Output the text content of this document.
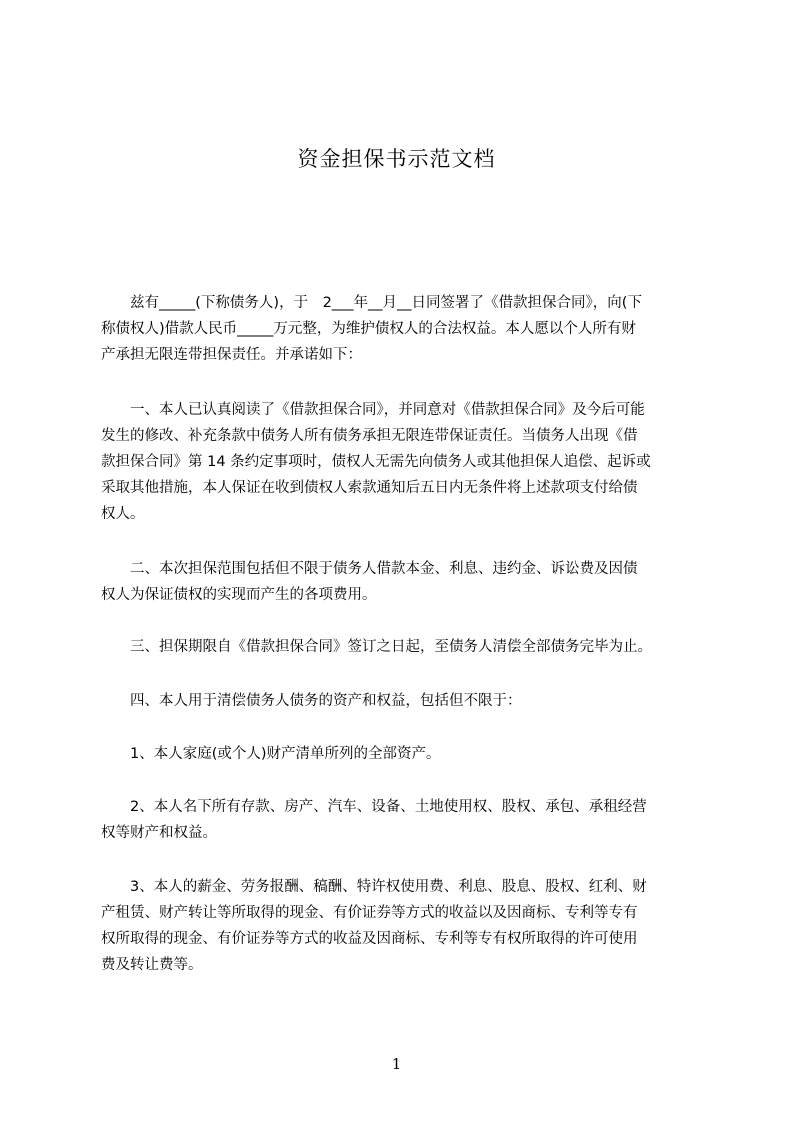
资金担保书示范文档

　　兹有_____(下称债务人)，于　2___年__月__日同签署了《借款担保合同》，向(下
称债权人)借款人民币_____万元整，为维护债权人的合法权益。本人愿以个人所有财
产承担无限连带担保责任。并承诺如下：

　　一、本人已认真阅读了《借款担保合同》，并同意对《借款担保合同》及今后可能
发生的修改、补充条款中债务人所有债务承担无限连带保证责任。当债务人出现《借
款担保合同》第 14 条约定事项时，债权人无需先向债务人或其他担保人追偿、起诉或
采取其他措施，本人保证在收到债权人索款通知后五日内无条件将上述款项支付给债
权人。

　　二、本次担保范围包括但不限于债务人借款本金、利息、违约金、诉讼费及因债
权人为保证债权的实现而产生的各项费用。

　　三、担保期限自《借款担保合同》签订之日起，至债务人清偿全部债务完毕为止。

　　四、本人用于清偿债务人债务的资产和权益，包括但不限于：

　　1、本人家庭(或个人)财产清单所列的全部资产。

　　2、本人名下所有存款、房产、汽车、设备、土地使用权、股权、承包、承租经营
权等财产和权益。

　　3、本人的薪金、劳务报酬、稿酬、特许权使用费、利息、股息、股权、红利、财
产租赁、财产转让等所取得的现金、有价证券等方式的收益以及因商标、专利等专有
权所取得的现金、有价证券等方式的收益及因商标、专利等专有权所取得的许可使用
费及转让费等。

1
